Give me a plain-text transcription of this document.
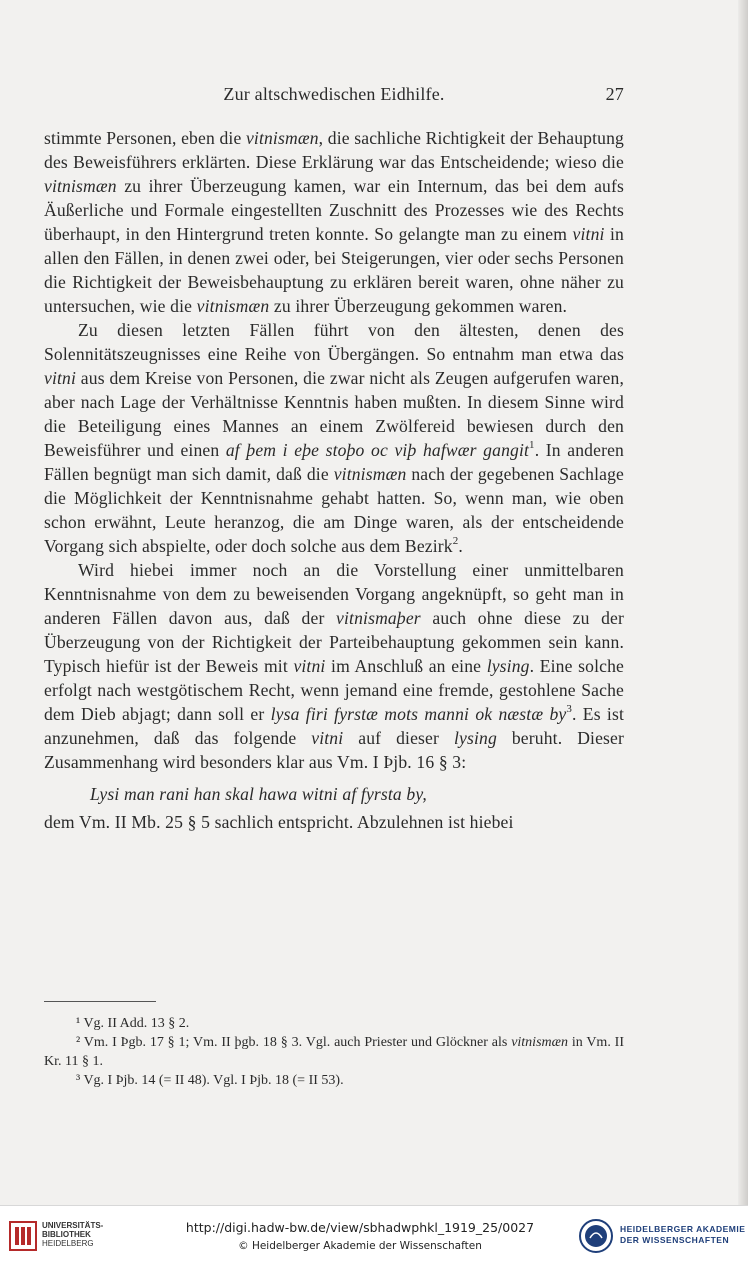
Zur altschwedischen Eidhilfe.	27

stimmte Personen, eben die vitnismæn, die sachliche Richtigkeit der Behauptung des Beweisführers erklärten. Diese Erklärung war das Entscheidende; wieso die vitnismæn zu ihrer Überzeugung kamen, war ein Internum, das bei dem aufs Äußerliche und Formale eingestellten Zuschnitt des Prozesses wie des Rechts überhaupt, in den Hintergrund treten konnte. So gelangte man zu einem vitni in allen den Fällen, in denen zwei oder, bei Steigerungen, vier oder sechs Personen die Richtigkeit der Beweisbehauptung zu erklären bereit waren, ohne näher zu untersuchen, wie die vitnismæn zu ihrer Überzeugung gekommen waren.

Zu diesen letzten Fällen führt von den ältesten, denen des Solennitätszeugnisses eine Reihe von Übergängen. So entnahm man etwa das vitni aus dem Kreise von Personen, die zwar nicht als Zeugen aufgerufen waren, aber nach Lage der Verhältnisse Kenntnis haben mußten. In diesem Sinne wird die Beteiligung eines Mannes an einem Zwölfereid bewiesen durch den Beweisführer und einen af þem i eþe stoþo oc viþ hafwær gangit$^1$. In anderen Fällen begnügt man sich damit, daß die vitnismæn nach der gegebenen Sachlage die Möglichkeit der Kenntnisnahme gehabt hatten. So, wenn man, wie oben schon erwähnt, Leute heranzog, die am Dinge waren, als der entscheidende Vorgang sich abspielte, oder doch solche aus dem Bezirk$^2$.

Wird hiebei immer noch an die Vorstellung einer unmittelbaren Kenntnisnahme von dem zu beweisenden Vorgang angeknüpft, so geht man in anderen Fällen davon aus, daß der vitnismaþer auch ohne diese zu der Überzeugung von der Richtigkeit der Parteibehauptung gekommen sein kann. Typisch hiefür ist der Beweis mit vitni im Anschluß an eine lysing. Eine solche erfolgt nach westgötischem Recht, wenn jemand eine fremde, gestohlene Sache dem Dieb abjagt; dann soll er lysa firi fyrstæ mots manni ok næstæ $by^3$. Es ist anzunehmen, daß das folgende vitni auf dieser lysing beruht. Dieser Zusammenhang wird besonders klar aus Vm. I Þjb. 16 § 3:

Lysi man rani han skal hawa witni af fyrsta by,

dem Vm. II Mb. 25 § 5 sachlich entspricht. Abzulehnen ist hiebei

¹ Vg. II Add. 13 § 2.

² Vm. I Þgb. 17 § 1; Vm. II þgb. 18 § 3. Vgl. auch Priester und Glöckner als vitnismæn in Vm. II Kr. 11 § 1.

³ Vg. I Þjb. 14 (= II 48). Vgl. I Þjb. 18 (= II 53).

UNIVERSITÄTS-
BIBLIOTHEK
HEIDELBERG
http://digi.hadw-bw.de/view/sbhadwphkl_1919_25/0027
© Heidelberger Akademie der Wissenschaften
HEIDELBERGER AKADEMIE
DER WISSENSCHAFTEN
